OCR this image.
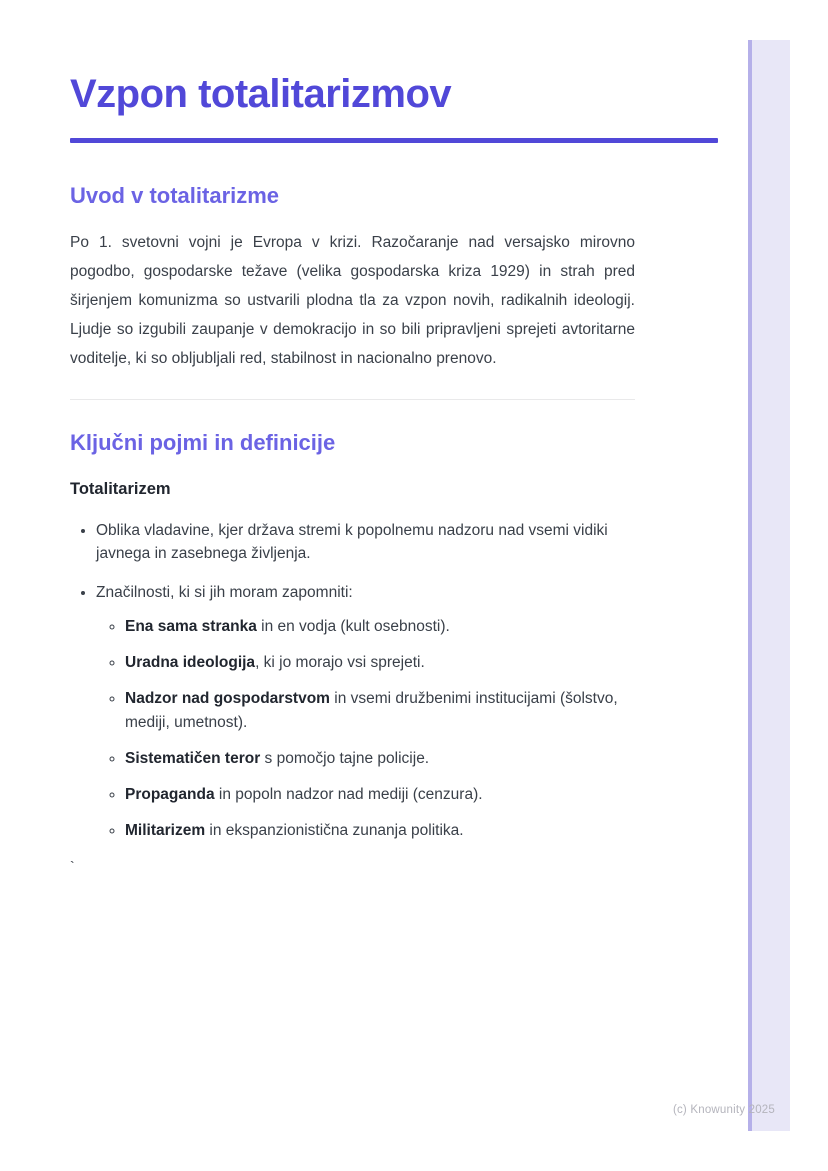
Vzpon totalitarizmov
Uvod v totalitarizme

Po 1. svetovni vojni je Evropa v krizi. Razočaranje nad versajsko mirovno pogodbo, gospodarske težave (velika gospodarska kriza 1929) in strah pred širjenjem komunizma so ustvarili plodna tla za vzpon novih, radikalnih ideologij. Ljudje so izgubili zaupanje v demokracijo in so bili pripravljeni sprejeti avtoritarne voditelje, ki so obljubljali red, stabilnost in nacionalno prenovo.

Ključni pojmi in definicije
Totalitarizem
• Oblika vladavine, kjer država stremi k popolnemu nadzoru nad vsemi vidiki javnega in zasebnega življenja.
• Značilnosti, ki si jih moram zapomniti:
◦ Ena sama stranka in en vodja (kult osebnosti).
◦ Uradna ideologija, ki jo morajo vsi sprejeti.
◦ Nadzor nad gospodarstvom in vsemi družbenimi institucijami (šolstvo, mediji, umetnost).
◦ Sistematičen teror s pomočjo tajne policije.
◦ Propaganda in popoln nadzor nad mediji (cenzura).
◦ Militarizem in ekspanzionistična zunanja politika.
`
(c) Knowunity 2025
